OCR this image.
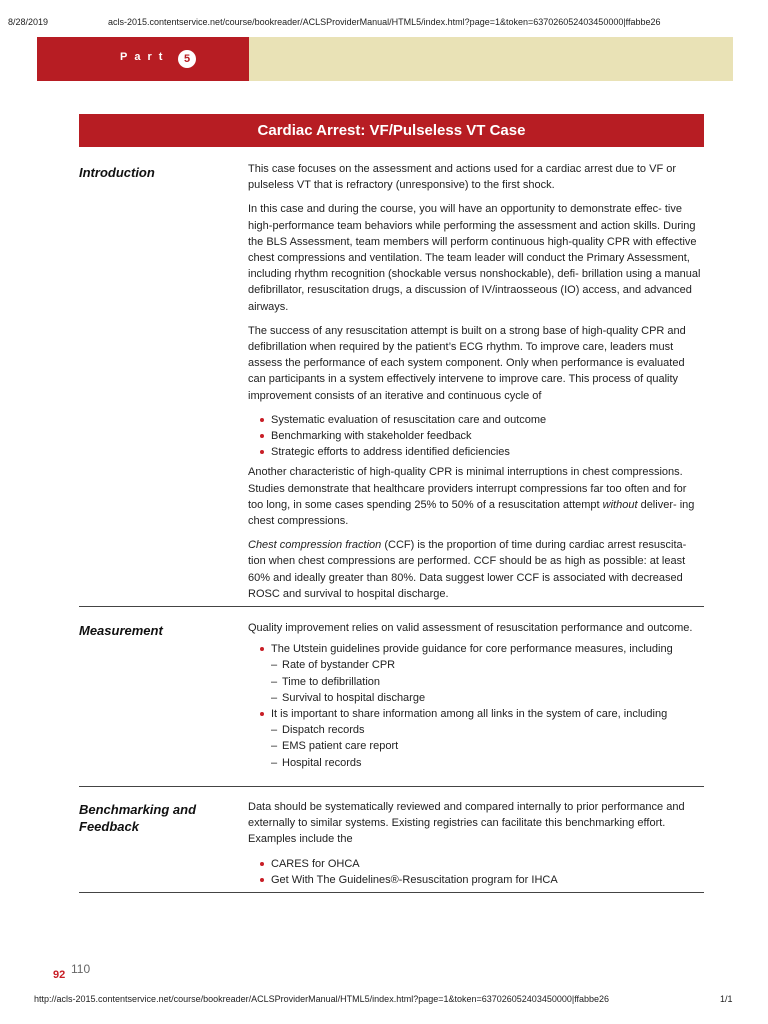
8/28/2019	acls-2015.contentservice.net/course/bookreader/ACLSProviderManual/HTML5/index.html?page=1&token=637026052403450000|ffabbe26
Part	5
Cardiac Arrest: VF/Pulseless VT Case
Introduction	This case focuses on the assessment and actions used for a cardiac arrest due to VF or pulseless VT that is refractory (unresponsive) to the first shock.

In this case and during the course, you will have an opportunity to demonstrate effec- tive high-performance team behaviors while performing the assessment and action skills. During the BLS Assessment, team members will perform continuous high-quality CPR with effective chest compressions and ventilation. The team leader will conduct the Primary Assessment, including rhythm recognition (shockable versus nonshockable), defi- brillation using a manual defibrillator, resuscitation drugs, a discussion of IV/intraosseous (IO) access, and advanced airways.

The success of any resuscitation attempt is built on a strong base of high-quality CPR and defibrillation when required by the patient’s ECG rhythm. To improve care, leaders must assess the performance of each system component. Only when performance is evaluated can participants in a system effectively intervene to improve care. This process of quality improvement consists of an iterative and continuous cycle of

Systematic evaluation of resuscitation care and outcome
Benchmarking with stakeholder feedback
Strategic efforts to address identified deficiencies

Another characteristic of high-quality CPR is minimal interruptions in chest compressions. Studies demonstrate that healthcare providers interrupt compressions far too often and for too long, in some cases spending 25% to 50% of a resuscitation attempt without deliver- ing chest compressions.

Chest compression fraction (CCF) is the proportion of time during cardiac arrest resuscita- tion when chest compressions are performed. CCF should be as high as possible: at least 60% and ideally greater than 80%. Data suggest lower CCF is associated with decreased ROSC and survival to hospital discharge.

Measurement	Quality improvement relies on valid assessment of resuscitation performance and outcome.

The Utstein guidelines provide guidance for core performance measures, including
– Rate of bystander CPR
– Time to defibrillation
– Survival to hospital discharge
It is important to share information among all links in the system of care, including
– Dispatch records
– EMS patient care report
– Hospital records
Benchmarking and Feedback

Data should be systematically reviewed and compared internally to prior performance and externally to similar systems. Existing registries can facilitate this benchmarking effort. Examples include the

CARES for OHCA
Get With The Guidelines®-Resuscitation program for IHCA
92 110
http://acls-2015.contentservice.net/course/bookreader/ACLSProviderManual/HTML5/index.html?page=1&token=637026052403450000|ffabbe26	1/1
